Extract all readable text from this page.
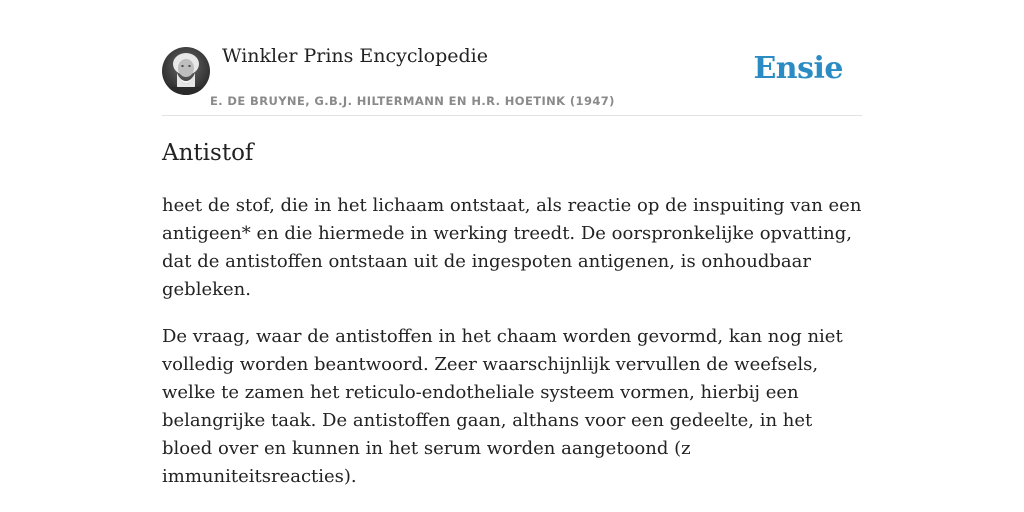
Winkler Prins Encyclopedie
E. DE BRUYNE, G.B.J. HILTERMANN EN H.R. HOETINK (1947)
Ensie
Antistof

heet de stof, die in het lichaam ontstaat, als reactie op de inspuiting van een antigeen* en die hiermede in werking treedt. De oorspronkelijke opvatting, dat de antistoffen ontstaan uit de ingespoten antigenen, is onhoudbaar gebleken.

De vraag, waar de antistoffen in het chaam worden gevormd, kan nog niet volledig worden beantwoord. Zeer waarschijnlijk vervullen de weefsels, welke te zamen het reticulo-endotheliale systeem vormen, hierbij een belangrijke taak. De antistoffen gaan, althans voor een gedeelte, in het bloed over en kunnen in het serum worden aangetoond (z immuniteitsreacties).
